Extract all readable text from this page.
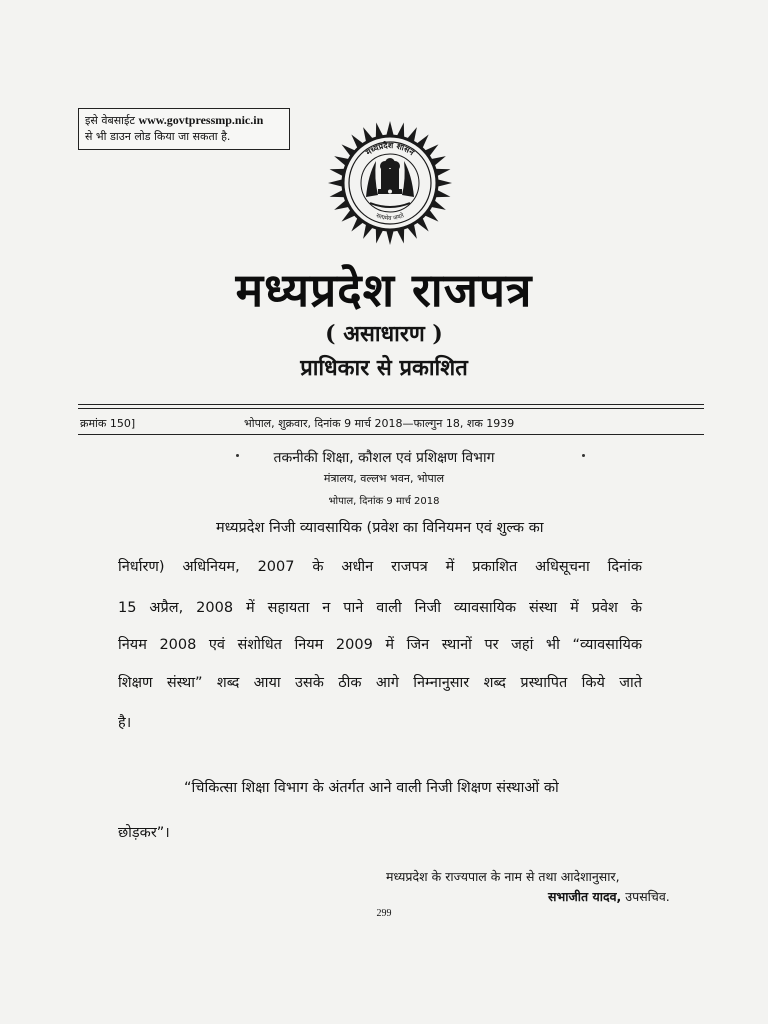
इसे वेबसाईट www.govtpressmp.nic.in
से भी डाउन लोड किया जा सकता है.
मध्यप्रदेश शासन
सत्यमेव जयते
मध्यप्रदेश राजपत्र
( असाधारण )
प्राधिकार से प्रकाशित
क्रमांक 150]	भोपाल, शुक्रवार, दिनांक 9 मार्च 2018—फाल्गुन 18, शक 1939
तकनीकी शिक्षा, कौशल एवं प्रशिक्षण विभाग
मंत्रालय, वल्लभ भवन, भोपाल
भोपाल, दिनांक 9 मार्च 2018
मध्यप्रदेश निजी व्यावसायिक (प्रवेश का विनियमन एवं शुल्क का
निर्धारण) अधिनियम, 2007 के अधीन राजपत्र में प्रकाशित अधिसूचना दिनांक
15 अप्रैल, 2008 में सहायता न पाने वाली निजी व्यावसायिक संस्था में प्रवेश के
नियम 2008 एवं संशोधित नियम 2009 में जिन स्थानों पर जहां भी “व्यावसायिक
शिक्षण संस्था” शब्द आया उसके ठीक आगे निम्नानुसार शब्द प्रस्थापित किये जाते
है।
“चिकित्सा शिक्षा विभाग के अंतर्गत आने वाली निजी शिक्षण संस्थाओं को
छोड़कर”।
मध्यप्रदेश के राज्यपाल के नाम से तथा आदेशानुसार,
सभाजीत यादव, उपसचिव.
299
